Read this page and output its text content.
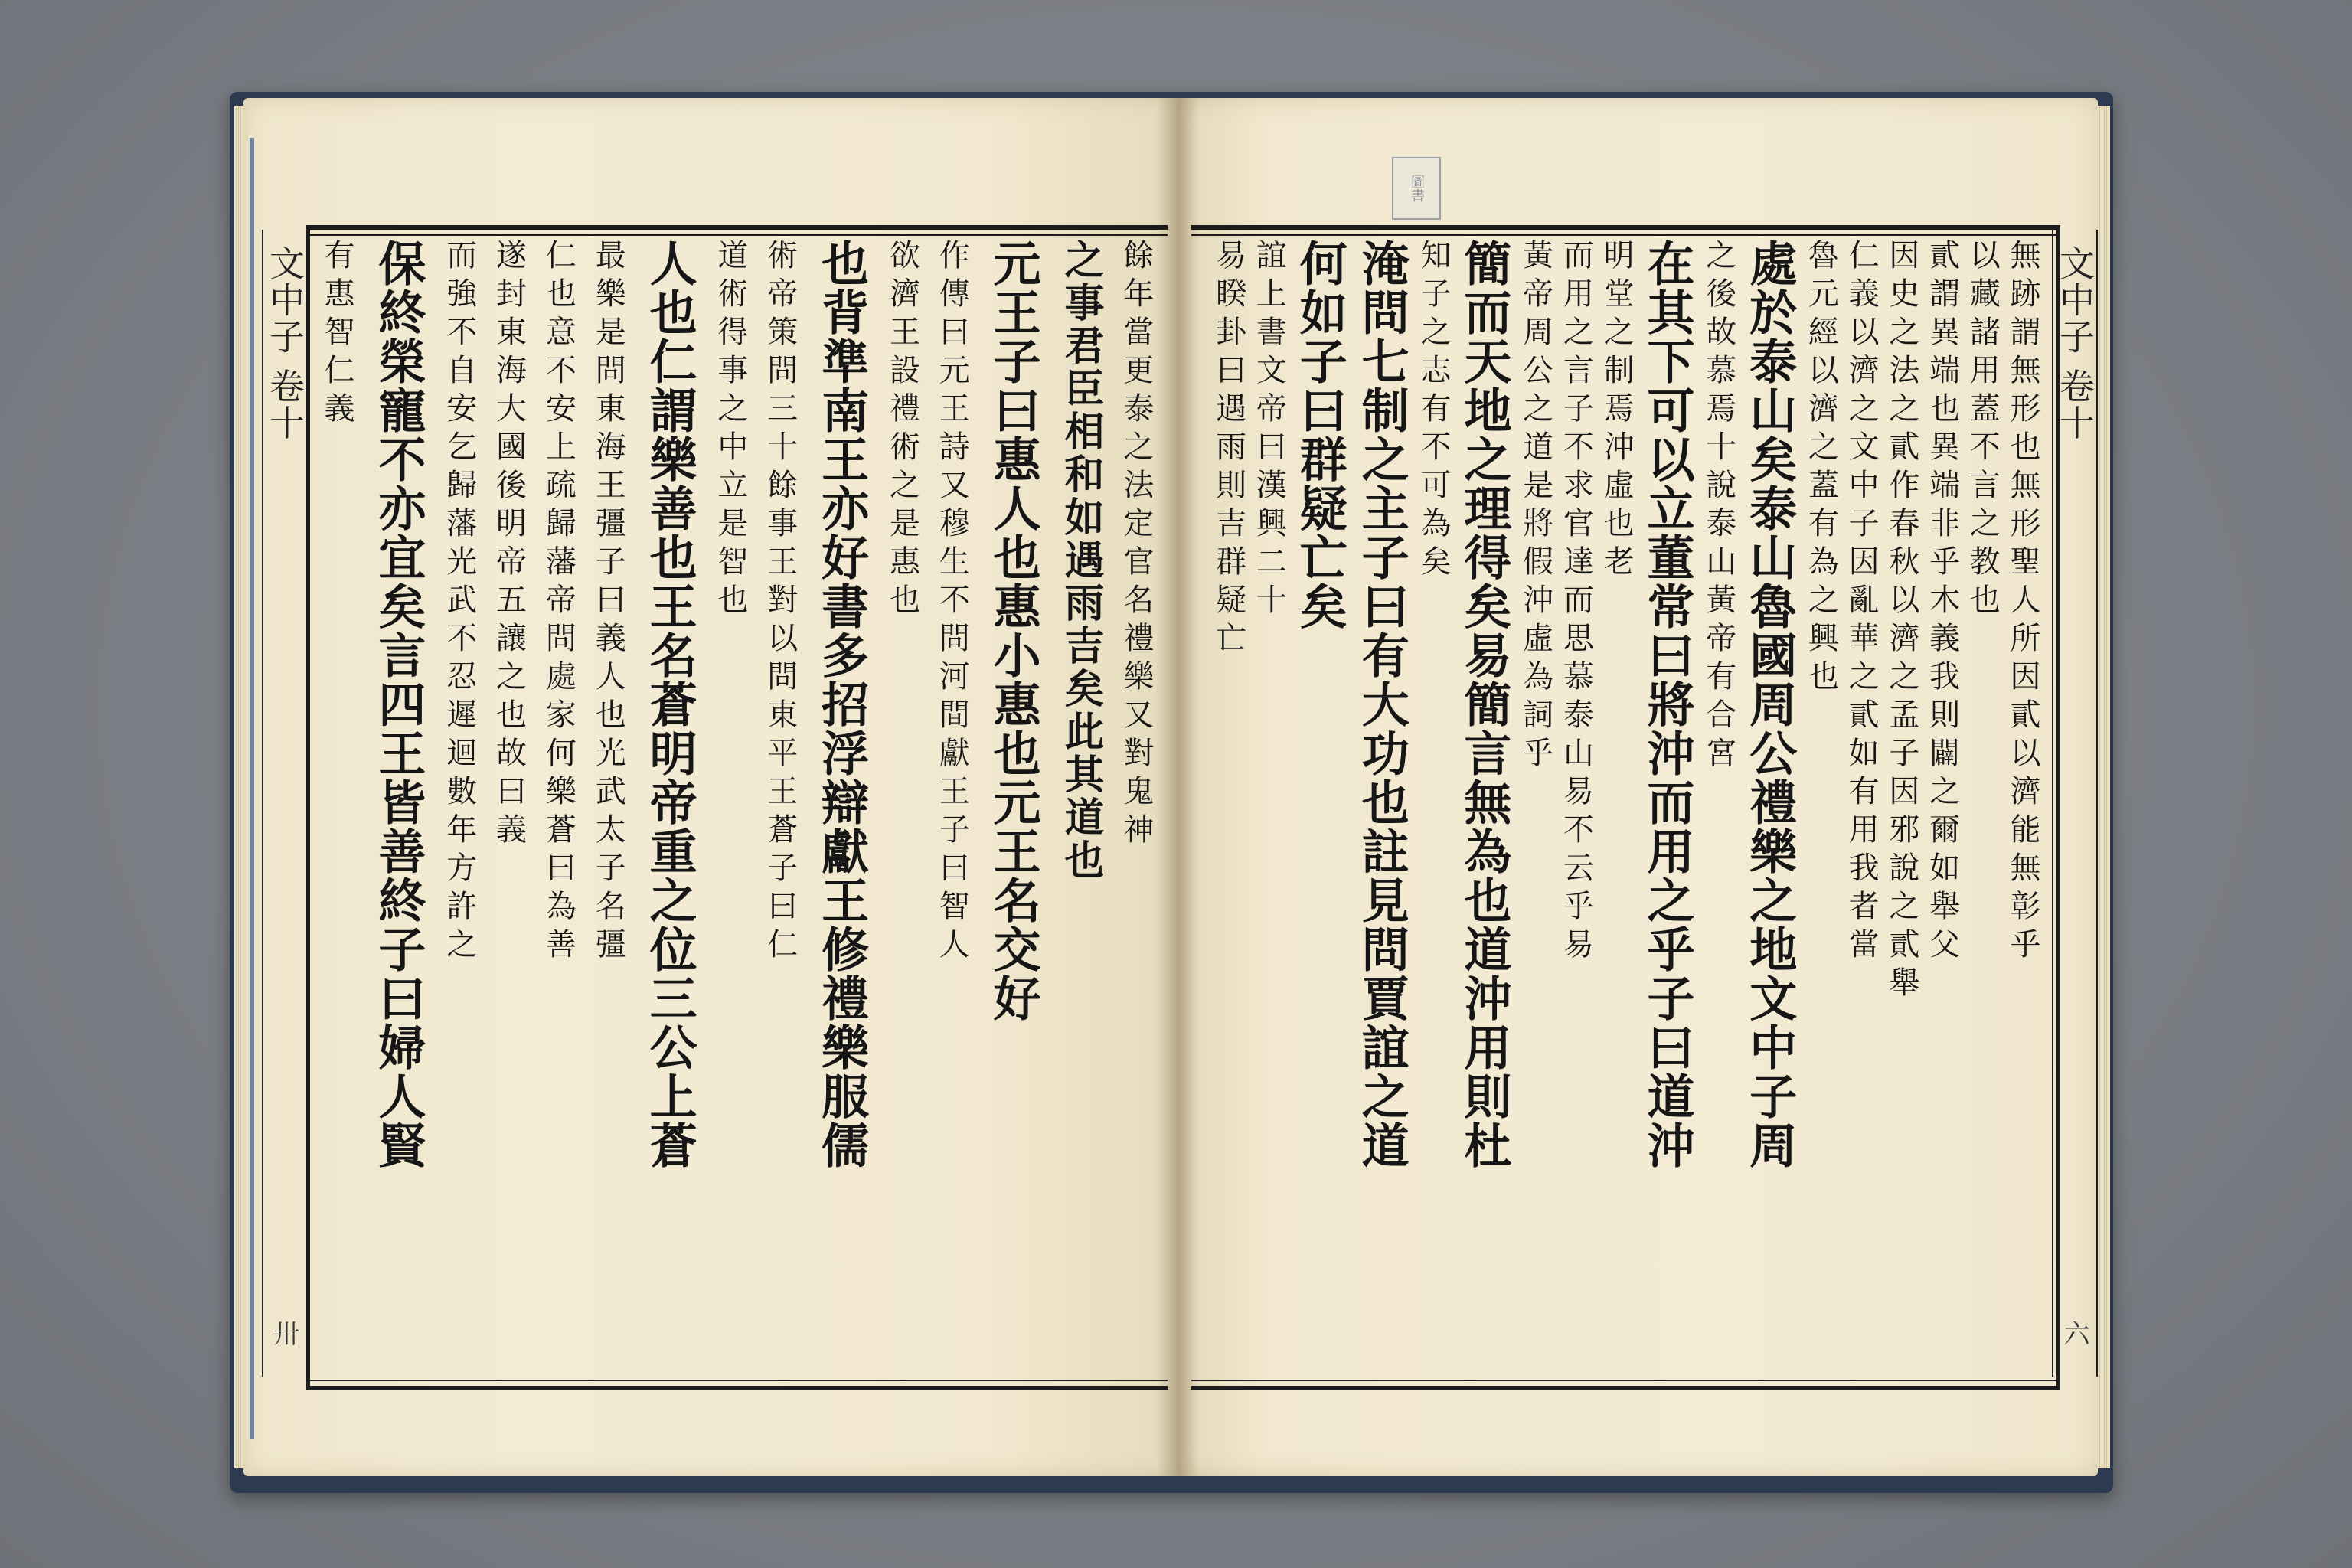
圖書
文中子 卷十
卅
文中子 卷十
六
餘年當更泰之法定官名禮樂又對鬼神
之事君臣相和如遇雨吉矣此其道也
元王子曰惠人也惠小惠也元王名交好
作傳曰元王詩又穆生不問河間獻王子曰智人
欲濟王設禮術之是惠也
也背準南王亦好書多招浮辯獻王修禮樂服儒
術帝策問三十餘事王對以問東平王蒼子曰仁
道術得事之中立是智也
人也仁謂樂善也王名蒼明帝重之位三公上蒼
最樂是問東海王彊子曰義人也光武太子名彊
仁也意不安上疏歸藩帝問處家何樂蒼曰為善
遂封東海大國後明帝五讓之也故曰義
而強不自安乞歸藩光武不忍遲迴數年方許之
保終榮寵不亦宜矣言四王皆善終子曰婦人賢
有惠智仁義	無跡謂無形也無形聖人所因貳以濟能無彰乎
以藏諸用蓋不言之教也
貳謂異端也異端非乎木義我則闢之爾如舉父
因史之法之貳作春秋以濟之孟子因邪說之貳舉
仁義以濟之文中子因亂華之貳如有用我者當
魯元經以濟之蓋有為之興也
處於泰山矣泰山魯國周公禮樂之地文中子周
之後故慕焉十說泰山黃帝有合宮
在其下可以立董常曰將沖而用之乎子曰道沖
明堂之制焉沖虛也老
而用之言子不求官達而思慕泰山易不云乎易
黃帝周公之道是將假沖虛為詞乎
簡而天地之理得矣易簡言無為也道沖用則杜
知子之志有不可為矣
淹問七制之主子曰有大功也註見問賈誼之道
何如子曰群疑亡矣
誼上書文帝曰漢興二十
易睽卦曰遇雨則吉群疑亡
